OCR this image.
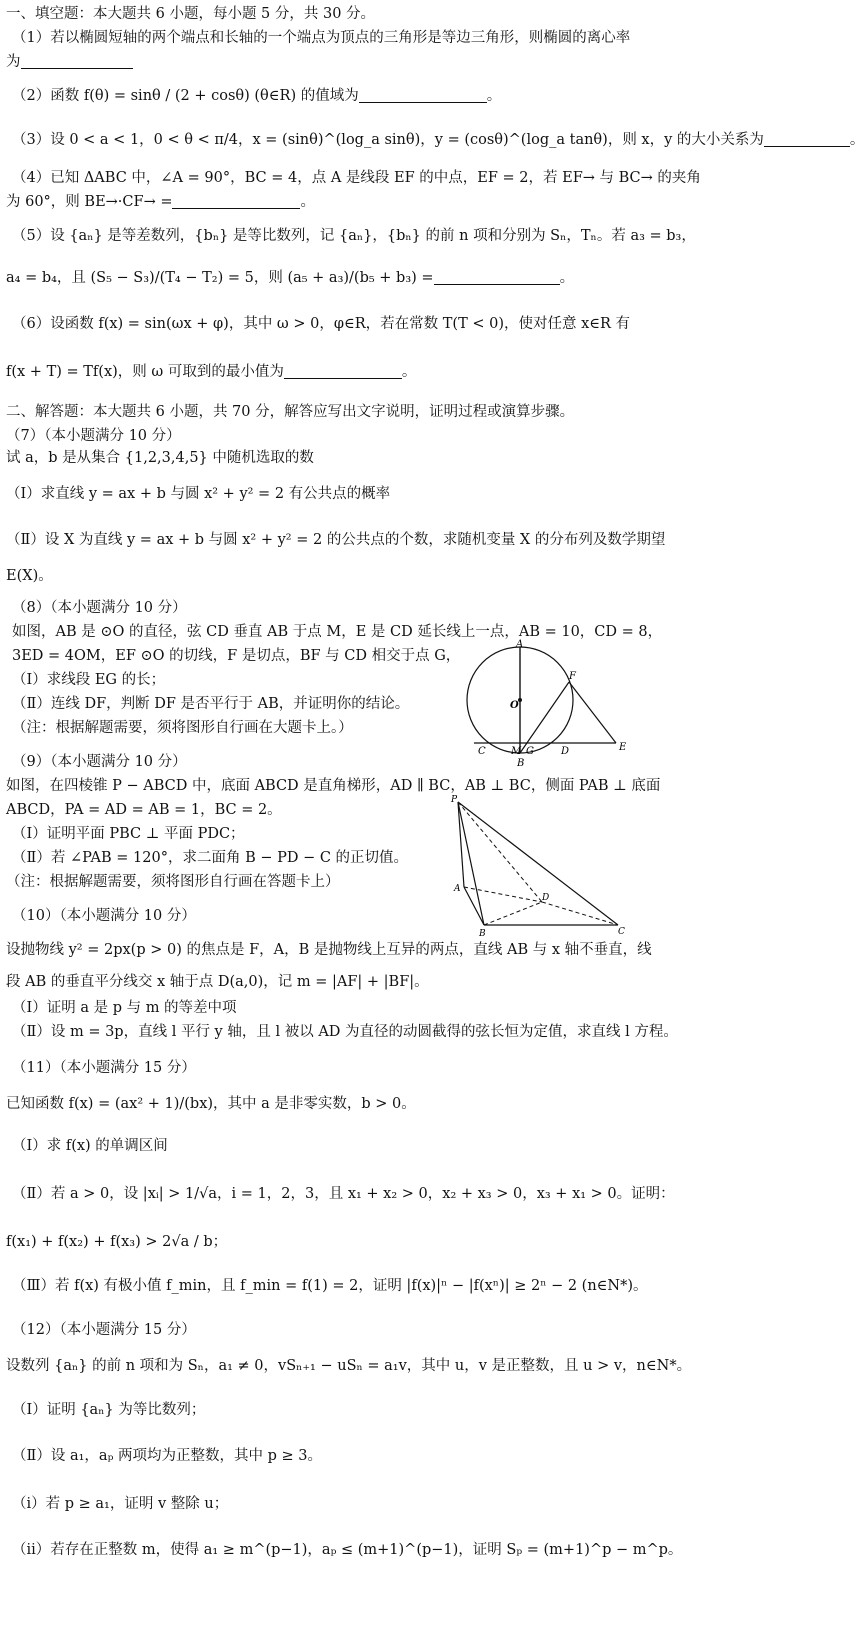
一、填空题：本大题共 6 小题，每小题 5 分，共 30 分。
（1）若以椭圆短轴的两个端点和长轴的一个端点为顶点的三角形是等边三角形，则椭圆的离心率
为
（2）函数 f(θ) = sinθ / (2 + cosθ) (θ∈R) 的值域为	。
（3）设 0 < a < 1，0 < θ < π/4，x = (sinθ)^(log_a sinθ)，y = (cosθ)^(log_a tanθ)，则 x，y 的大小关系为	。
（4）已知 ΔABC 中，∠A = 90°，BC = 4，点 A 是线段 EF 的中点，EF = 2，若 EF→ 与 BC→ 的夹角
为 60°，则 BE→·CF→ =	。
（5）设 {aₙ} 是等差数列，{bₙ} 是等比数列，记 {aₙ}，{bₙ} 的前 n 项和分别为 Sₙ，Tₙ。若 a₃ = b₃，
a₄ = b₄，且 (S₅ − S₃)/(T₄ − T₂) = 5，则 (a₅ + a₃)/(b₅ + b₃) =	。
（6）设函数 f(x) = sin(ωx + φ)，其中 ω > 0，φ∈R，若在常数 T(T < 0)，使对任意 x∈R 有
f(x + T) = Tf(x)，则 ω 可取到的最小值为	。
二、解答题：本大题共 6 小题，共 70 分，解答应写出文字说明，证明过程或演算步骤。
（7）（本小题满分 10 分）
试 a，b 是从集合 {1,2,3,4,5} 中随机选取的数
（Ⅰ）求直线 y = ax + b 与圆 x² + y² = 2 有公共点的概率
（Ⅱ）设 X 为直线 y = ax + b 与圆 x² + y² = 2 的公共点的个数，求随机变量 X 的分布列及数学期望
E(X)。
（8）（本小题满分 10 分）
如图，AB 是 ⊙O 的直径，弦 CD 垂直 AB 于点 M，E 是 CD 延长线上一点，AB = 10，CD = 8，
3ED = 4OM，EF ⊙O 的切线，F 是切点，BF 与 CD 相交于点 G，
（Ⅰ）求线段 EG 的长；
（Ⅱ）连线 DF，判断 DF 是否平行于 AB，并证明你的结论。
（注：根据解题需要，须将图形自行画在大题卡上。）
A
O
F
C	M G	D	E
B
（9）（本小题满分 10 分）
如图，在四棱锥 P − ABCD 中，底面 ABCD 是直角梯形，AD ∥ BC，AB ⊥ BC，侧面 PAB ⊥ 底面
ABCD，PA = AD = AB = 1，BC = 2。
（Ⅰ）证明平面 PBC ⊥ 平面 PDC；
（Ⅱ）若 ∠PAB = 120°，求二面角 B − PD − C 的正切值。
（注：根据解题需要，须将图形自行画在答题卡上）
P
A
D
B	C
（10）（本小题满分 10 分）
设抛物线 y² = 2px(p > 0) 的焦点是 F，A，B 是抛物线上互异的两点，直线 AB 与 x 轴不垂直，线
段 AB 的垂直平分线交 x 轴于点 D(a,0)，记 m = |AF| + |BF|。
（Ⅰ）证明 a 是 p 与 m 的等差中项
（Ⅱ）设 m = 3p，直线 l 平行 y 轴，且 l 被以 AD 为直径的动圆截得的弦长恒为定值，求直线 l 方程。
（11）（本小题满分 15 分）
已知函数 f(x) = (ax² + 1)/(bx)，其中 a 是非零实数，b > 0。
（Ⅰ）求 f(x) 的单调区间
（Ⅱ）若 a > 0，设 |xᵢ| > 1/√a，i = 1，2，3，且 x₁ + x₂ > 0，x₂ + x₃ > 0，x₃ + x₁ > 0。证明：
f(x₁) + f(x₂) + f(x₃) > 2√a / b；
（Ⅲ）若 f(x) 有极小值 f_min，且 f_min = f(1) = 2，证明 |f(x)|ⁿ − |f(xⁿ)| ≥ 2ⁿ − 2 (n∈N*)。
（12）（本小题满分 15 分）
设数列 {aₙ} 的前 n 项和为 Sₙ，a₁ ≠ 0，vSₙ₊₁ − uSₙ = a₁v，其中 u，v 是正整数，且 u > v，n∈N*。
（Ⅰ）证明 {aₙ} 为等比数列；
（Ⅱ）设 a₁，aₚ 两项均为正整数，其中 p ≥ 3。
（ⅰ）若 p ≥ a₁，证明 v 整除 u；
（ⅱ）若存在正整数 m，使得 a₁ ≥ m^(p−1)，aₚ ≤ (m+1)^(p−1)，证明 Sₚ = (m+1)^p − m^p。
